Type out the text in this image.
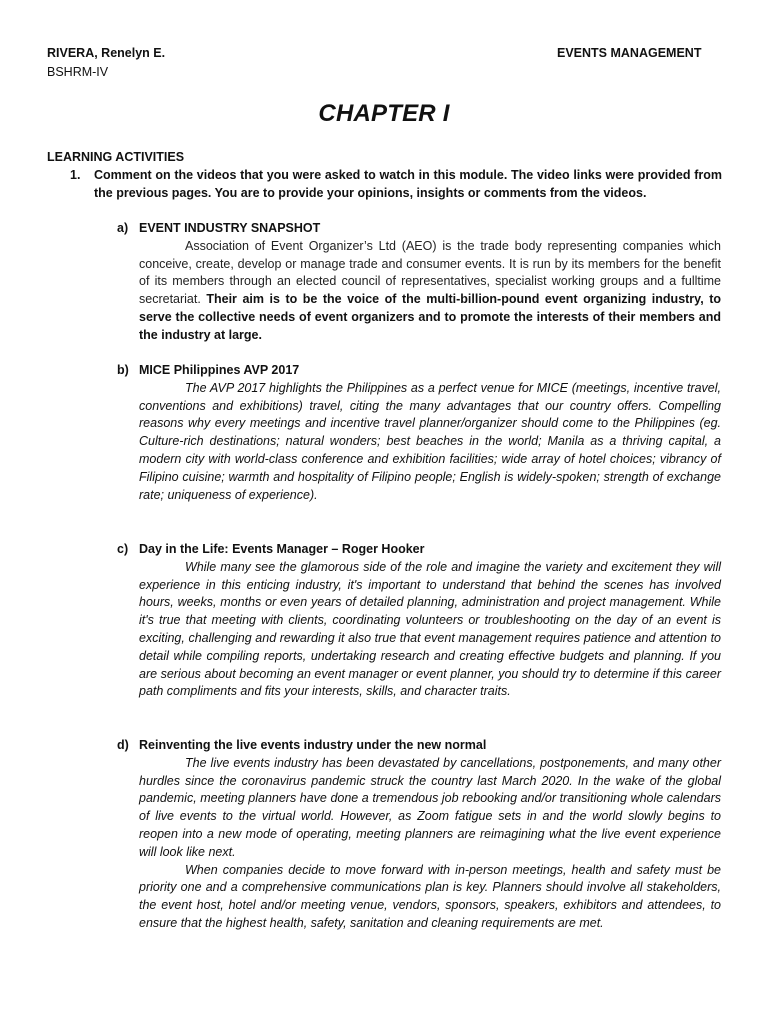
RIVERA, Renelyn E.
BSHRM-IV
EVENTS MANAGEMENT
CHAPTER I
LEARNING ACTIVITIES
1. Comment on the videos that you were asked to watch in this module. The video links were provided from the previous pages. You are to provide your opinions, insights or comments from the videos.
a) EVENT INDUSTRY SNAPSHOT
Association of Event Organizer’s Ltd (AEO) is the trade body representing companies which conceive, create, develop or manage trade and consumer events. It is run by its members for the benefit of its members through an elected council of representatives, specialist working groups and a fulltime secretariat. Their aim is to be the voice of the multi-billion-pound event organizing industry, to serve the collective needs of event organizers and to promote the interests of their members and the industry at large.
b) MICE Philippines AVP 2017
The AVP 2017 highlights the Philippines as a perfect venue for MICE (meetings, incentive travel, conventions and exhibitions) travel, citing the many advantages that our country offers. Compelling reasons why every meetings and incentive travel planner/organizer should come to the Philippines (eg. Culture-rich destinations; natural wonders; best beaches in the world; Manila as a thriving capital, a modern city with world-class conference and exhibition facilities; wide array of hotel choices; vibrancy of Filipino cuisine; warmth and hospitality of Filipino people; English is widely-spoken; strength of exchange rate; uniqueness of experience).
c) Day in the Life: Events Manager – Roger Hooker
While many see the glamorous side of the role and imagine the variety and excitement they will experience in this enticing industry, it's important to understand that behind the scenes has involved hours, weeks, months or even years of detailed planning, administration and project management. While it's true that meeting with clients, coordinating volunteers or troubleshooting on the day of an event is exciting, challenging and rewarding it also true that event management requires patience and attention to detail while compiling reports, undertaking research and creating effective budgets and planning. If you are serious about becoming an event manager or event planner, you should try to determine if this career path compliments and fits your interests, skills, and character traits.
d) Reinventing the live events industry under the new normal

The live events industry has been devastated by cancellations, postponements, and many other hurdles since the coronavirus pandemic struck the country last March 2020. In the wake of the global pandemic, meeting planners have done a tremendous job rebooking and/or transitioning whole calendars of live events to the virtual world. However, as Zoom fatigue sets in and the world slowly begins to reopen into a new mode of operating, meeting planners are reimagining what the live event experience will look like next.

When companies decide to move forward with in-person meetings, health and safety must be priority one and a comprehensive communications plan is key. Planners should involve all stakeholders, the event host, hotel and/or meeting venue, vendors, sponsors, speakers, exhibitors and attendees, to ensure that the highest health, safety, sanitation and cleaning requirements are met.
